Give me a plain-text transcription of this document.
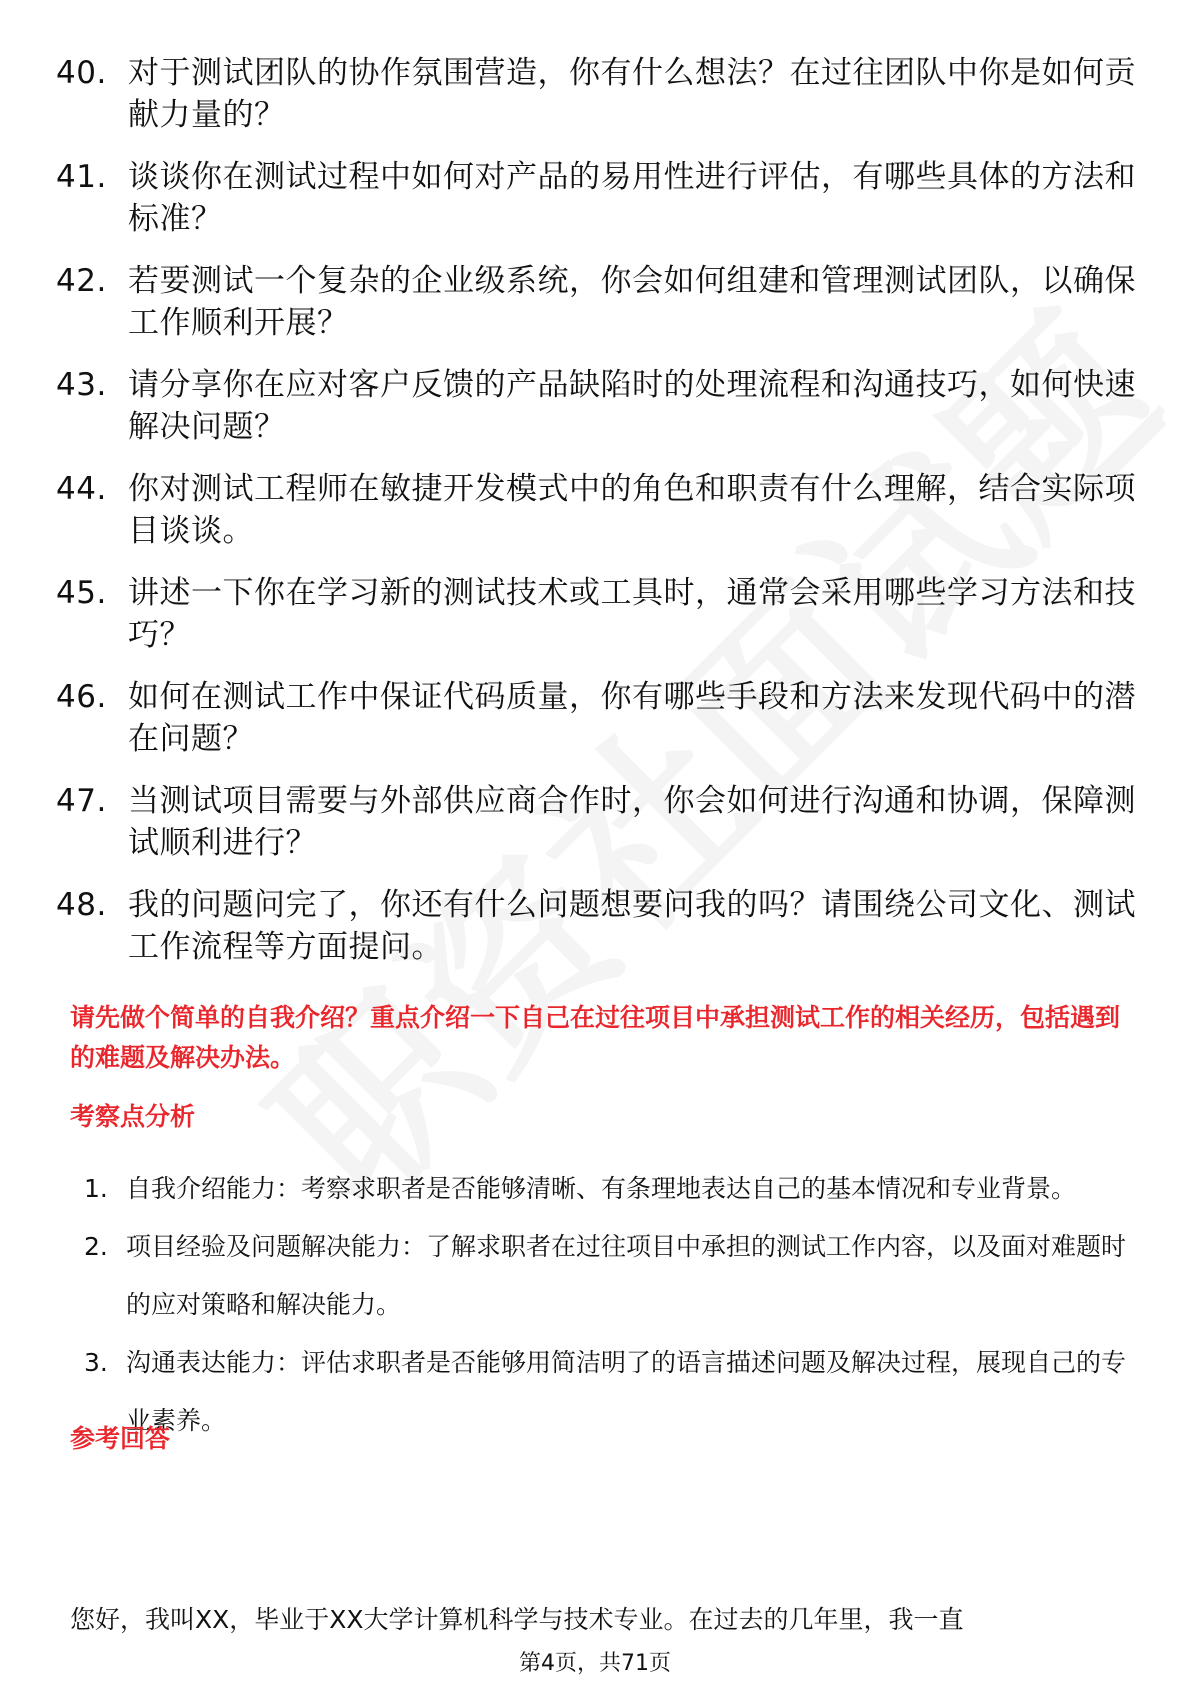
40. 对于测试团队的协作氛围营造，你有什么想法？在过往团队中你是如何贡献力量的？
41. 谈谈你在测试过程中如何对产品的易用性进行评估，有哪些具体的方法和标准？
42. 若要测试一个复杂的企业级系统，你会如何组建和管理测试团队，以确保工作顺利开展？
43. 请分享你在应对客户反馈的产品缺陷时的处理流程和沟通技巧，如何快速解决问题？
44. 你对测试工程师在敏捷开发模式中的角色和职责有什么理解，结合实际项目谈谈。
45. 讲述一下你在学习新的测试技术或工具时，通常会采用哪些学习方法和技巧？
46. 如何在测试工作中保证代码质量，你有哪些手段和方法来发现代码中的潜在问题？
47. 当测试项目需要与外部供应商合作时，你会如何进行沟通和协调，保障测试顺利进行？
48. 我的问题问完了，你还有什么问题想要问我的吗？请围绕公司文化、测试工作流程等方面提问。
请先做个简单的自我介绍？重点介绍一下自己在过往项目中承担测试工作的相关经历，包括遇到的难题及解决办法。
考察点分析
1. 自我介绍能力：考察求职者是否能够清晰、有条理地表达自己的基本情况和专业背景。
2. 项目经验及问题解决能力：了解求职者在过往项目中承担的测试工作内容，以及面对难题时的应对策略和解决能力。
3. 沟通表达能力：评估求职者是否能够用简洁明了的语言描述问题及解决过程，展现自己的专业素养。
参考回答
您好，我叫XX，毕业于XX大学计算机科学与技术专业。在过去的几年里，我一直
第4页，共71页
